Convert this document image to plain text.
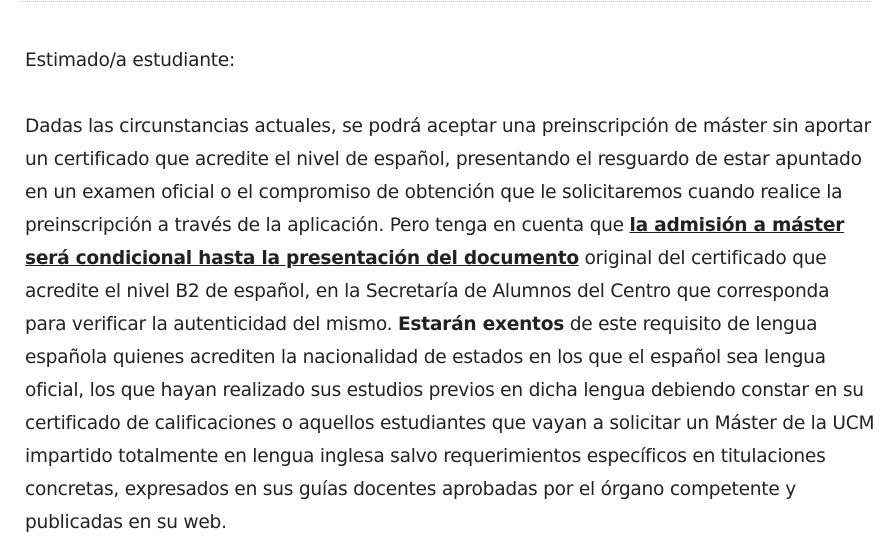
Estimado/a estudiante:

Dadas las circunstancias actuales, se podrá aceptar una preinscripción de máster sin aportar un certificado que acredite el nivel de español, presentando el resguardo de estar apuntado en un examen oficial o el compromiso de obtención que le solicitaremos cuando realice la preinscripción a través de la aplicación. Pero tenga en cuenta que la admisión a máster será condicional hasta la presentación del documento original del certificado que acredite el nivel B2 de español, en la Secretaría de Alumnos del Centro que corresponda para verificar la autenticidad del mismo. Estarán exentos de este requisito de lengua española quienes acrediten la nacionalidad de estados en los que el español sea lengua oficial, los que hayan realizado sus estudios previos en dicha lengua debiendo constar en su certificado de calificaciones o aquellos estudiantes que vayan a solicitar un Máster de la UCM impartido totalmente en lengua inglesa salvo requerimientos específicos en titulaciones concretas, expresados en sus guías docentes aprobadas por el órgano competente y publicadas en su web.
